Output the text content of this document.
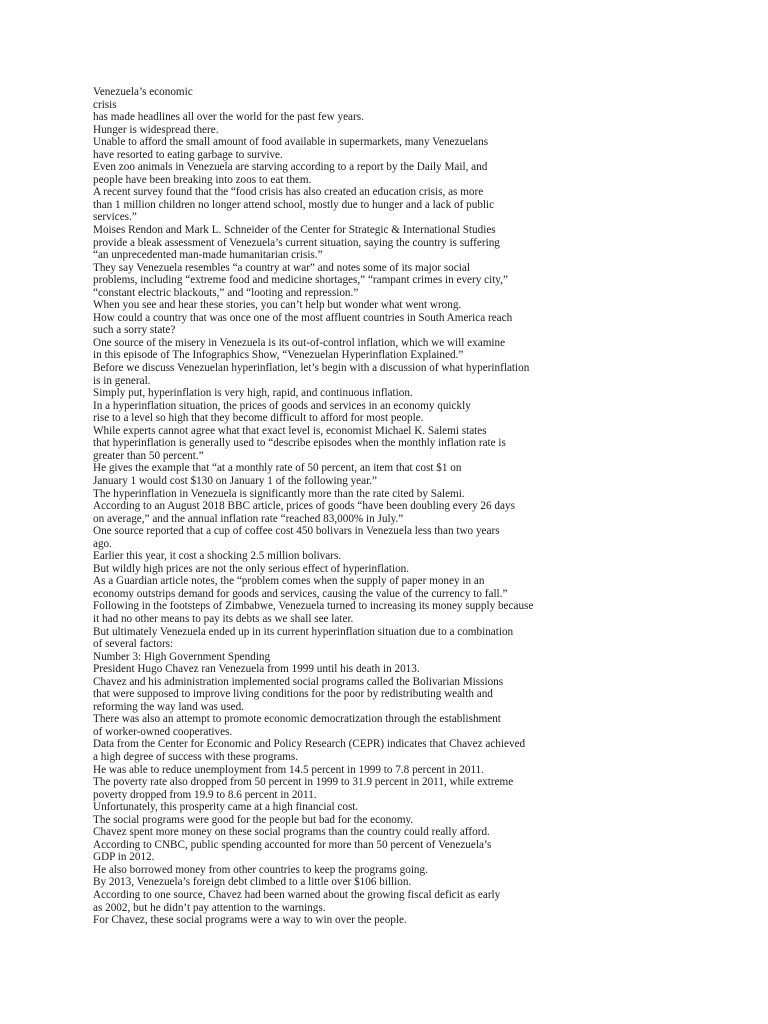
Venezuela’s economic
crisis
has made headlines all over the world for the past few years.
Hunger is widespread there.
Unable to afford the small amount of food available in supermarkets, many Venezuelans
have resorted to eating garbage to survive.
Even zoo animals in Venezuela are starving according to a report by the Daily Mail, and
people have been breaking into zoos to eat them.
A recent survey found that the “food crisis has also created an education crisis, as more
than 1 million children no longer attend school, mostly due to hunger and a lack of public
services.”
Moises Rendon and Mark L. Schneider of the Center for Strategic & International Studies
provide a bleak assessment of Venezuela’s current situation, saying the country is suffering
“an unprecedented man-made humanitarian crisis.”
They say Venezuela resembles “a country at war” and notes some of its major social
problems, including “extreme food and medicine shortages,” “rampant crimes in every city,”
“constant electric blackouts,” and “looting and repression.”
When you see and hear these stories, you can’t help but wonder what went wrong.
How could a country that was once one of the most affluent countries in South America reach
such a sorry state?
One source of the misery in Venezuela is its out-of-control inflation, which we will examine
in this episode of The Infographics Show, “Venezuelan Hyperinflation Explained.”
Before we discuss Venezuelan hyperinflation, let’s begin with a discussion of what hyperinflation
is in general.
Simply put, hyperinflation is very high, rapid, and continuous inflation.
In a hyperinflation situation, the prices of goods and services in an economy quickly
rise to a level so high that they become difficult to afford for most people.
While experts cannot agree what that exact level is, economist Michael K. Salemi states
that hyperinflation is generally used to “describe episodes when the monthly inflation rate is
greater than 50 percent.”
He gives the example that “at a monthly rate of 50 percent, an item that cost $1 on
January 1 would cost $130 on January 1 of the following year.”
The hyperinflation in Venezuela is significantly more than the rate cited by Salemi.
According to an August 2018 BBC article, prices of goods “have been doubling every 26 days
on average,” and the annual inflation rate “reached 83,000% in July.”
One source reported that a cup of coffee cost 450 bolivars in Venezuela less than two years
ago.
Earlier this year, it cost a shocking 2.5 million bolivars.
But wildly high prices are not the only serious effect of hyperinflation.
As a Guardian article notes, the “problem comes when the supply of paper money in an
economy outstrips demand for goods and services, causing the value of the currency to fall.”
Following in the footsteps of Zimbabwe, Venezuela turned to increasing its money supply because
it had no other means to pay its debts as we shall see later.
But ultimately Venezuela ended up in its current hyperinflation situation due to a combination
of several factors:
Number 3: High Government Spending
President Hugo Chavez ran Venezuela from 1999 until his death in 2013.
Chavez and his administration implemented social programs called the Bolivarian Missions
that were supposed to improve living conditions for the poor by redistributing wealth and
reforming the way land was used.
There was also an attempt to promote economic democratization through the establishment
of worker-owned cooperatives.
Data from the Center for Economic and Policy Research (CEPR) indicates that Chavez achieved
a high degree of success with these programs.
He was able to reduce unemployment from 14.5 percent in 1999 to 7.8 percent in 2011.
The poverty rate also dropped from 50 percent in 1999 to 31.9 percent in 2011, while extreme
poverty dropped from 19.9 to 8.6 percent in 2011.
Unfortunately, this prosperity came at a high financial cost.
The social programs were good for the people but bad for the economy.
Chavez spent more money on these social programs than the country could really afford.
According to CNBC, public spending accounted for more than 50 percent of Venezuela’s
GDP in 2012.
He also borrowed money from other countries to keep the programs going.
By 2013, Venezuela’s foreign debt climbed to a little over $106 billion.
According to one source, Chavez had been warned about the growing fiscal deficit as early
as 2002, but he didn’t pay attention to the warnings.
For Chavez, these social programs were a way to win over the people.
